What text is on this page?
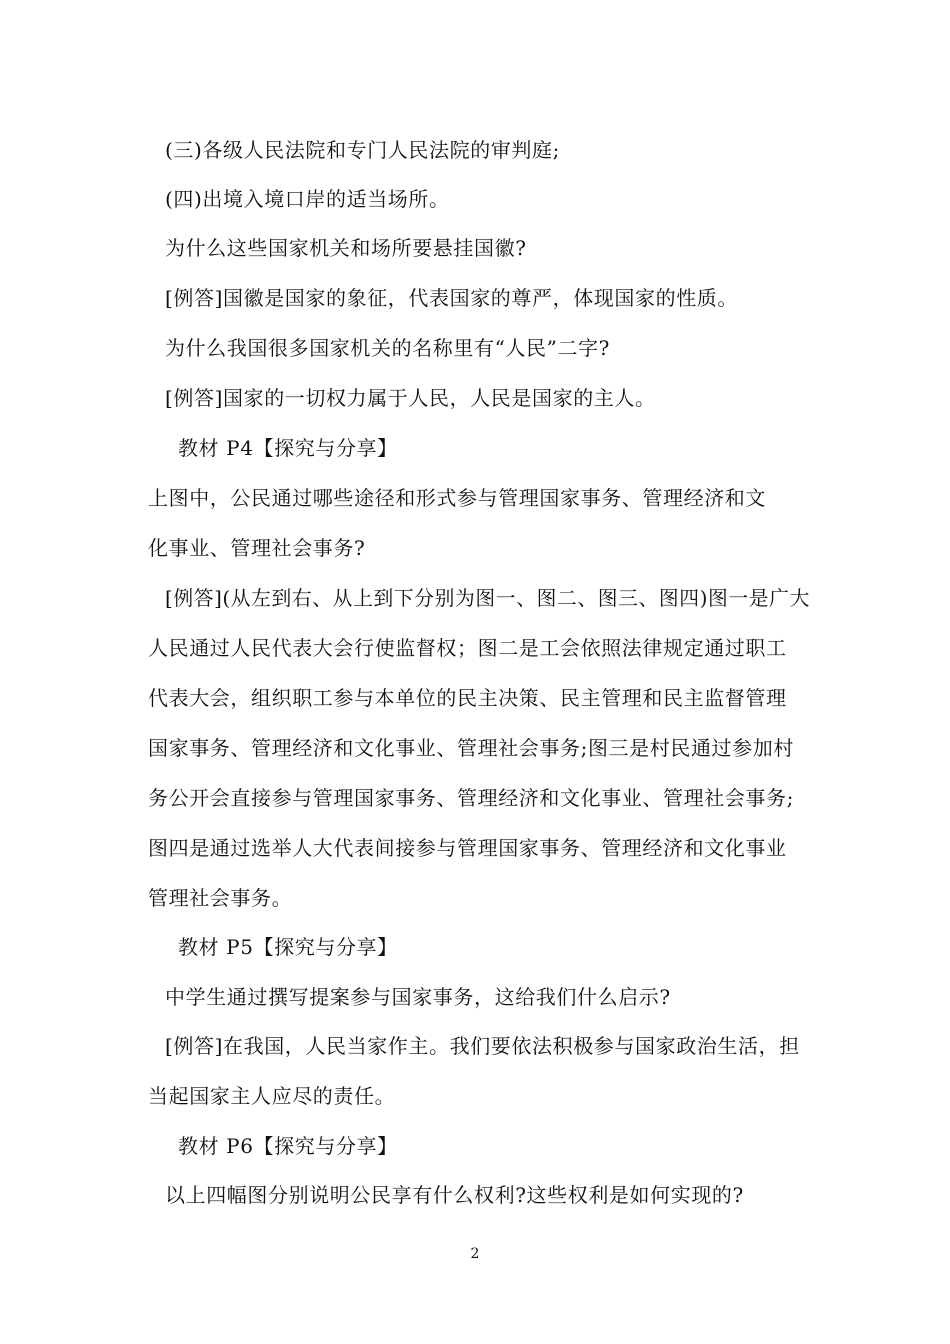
(三)各级人民法院和专门人民法院的审判庭;
(四)出境入境口岸的适当场所。
为什么这些国家机关和场所要悬挂国徽?
[例答]国徽是国家的象征，代表国家的尊严，体现国家的性质。
为什么我国很多国家机关的名称里有“人民”二字?
[例答]国家的一切权力属于人民，人民是国家的主人。
教材 P4【探究与分享】
上图中，公民通过哪些途径和形式参与管理国家事务、管理经济和文
化事业、管理社会事务?
[例答](从左到右、从上到下分别为图一、图二、图三、图四)图一是广大
人民通过人民代表大会行使监督权；图二是工会依照法律规定通过职工
代表大会，组织职工参与本单位的民主决策、民主管理和民主监督管理
国家事务、管理经济和文化事业、管理社会事务;图三是村民通过参加村
务公开会直接参与管理国家事务、管理经济和文化事业、管理社会事务;
图四是通过选举人大代表间接参与管理国家事务、管理经济和文化事业
管理社会事务。
教材 P5【探究与分享】
中学生通过撰写提案参与国家事务，这给我们什么启示?
[例答]在我国，人民当家作主。我们要依法积极参与国家政治生活，担
当起国家主人应尽的责任。
教材 P6【探究与分享】
以上四幅图分别说明公民享有什么权利?这些权利是如何实现的?
2
